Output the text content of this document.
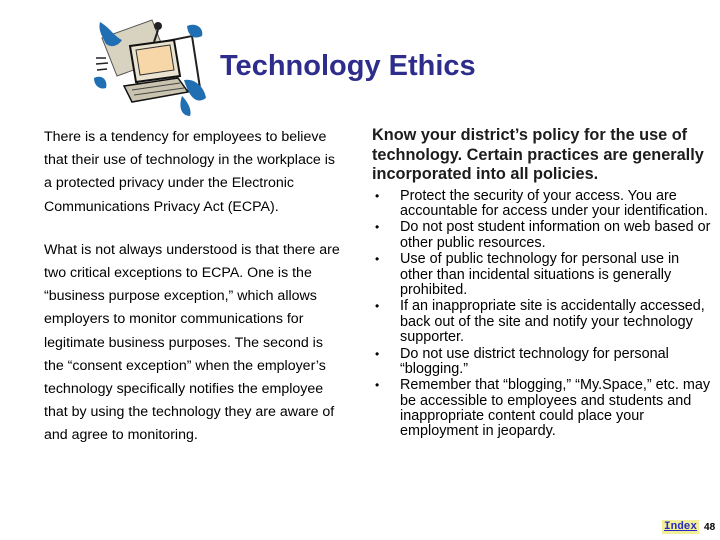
Technology Ethics

There is a tendency for employees to believe that their use of technology in the workplace is a protected privacy under the Electronic Communications Privacy Act (ECPA).

What is not always understood is that there are two critical exceptions to ECPA. One is the “business purpose exception,” which allows employers to monitor communications for legitimate business purposes. The second is the “consent exception” when the employer’s technology specifically notifies the employee that by using the technology they are aware of and agree to monitoring.

Know your district’s policy for the use of technology. Certain practices are generally incorporated into all policies.

• Protect the security of your access. You are accountable for access under your identification.
• Do not post student information on web based or other public resources.
• Use of public technology for personal use in other than incidental situations is generally prohibited.
• If an inappropriate site is accidentally accessed, back out of the site and notify your technology supporter.
• Do not use district technology for personal “blogging.”
• Remember that “blogging,” “My.Space,” etc. may be accessible to employees and students and inappropriate content could place your employment in jeopardy.
Index 48
